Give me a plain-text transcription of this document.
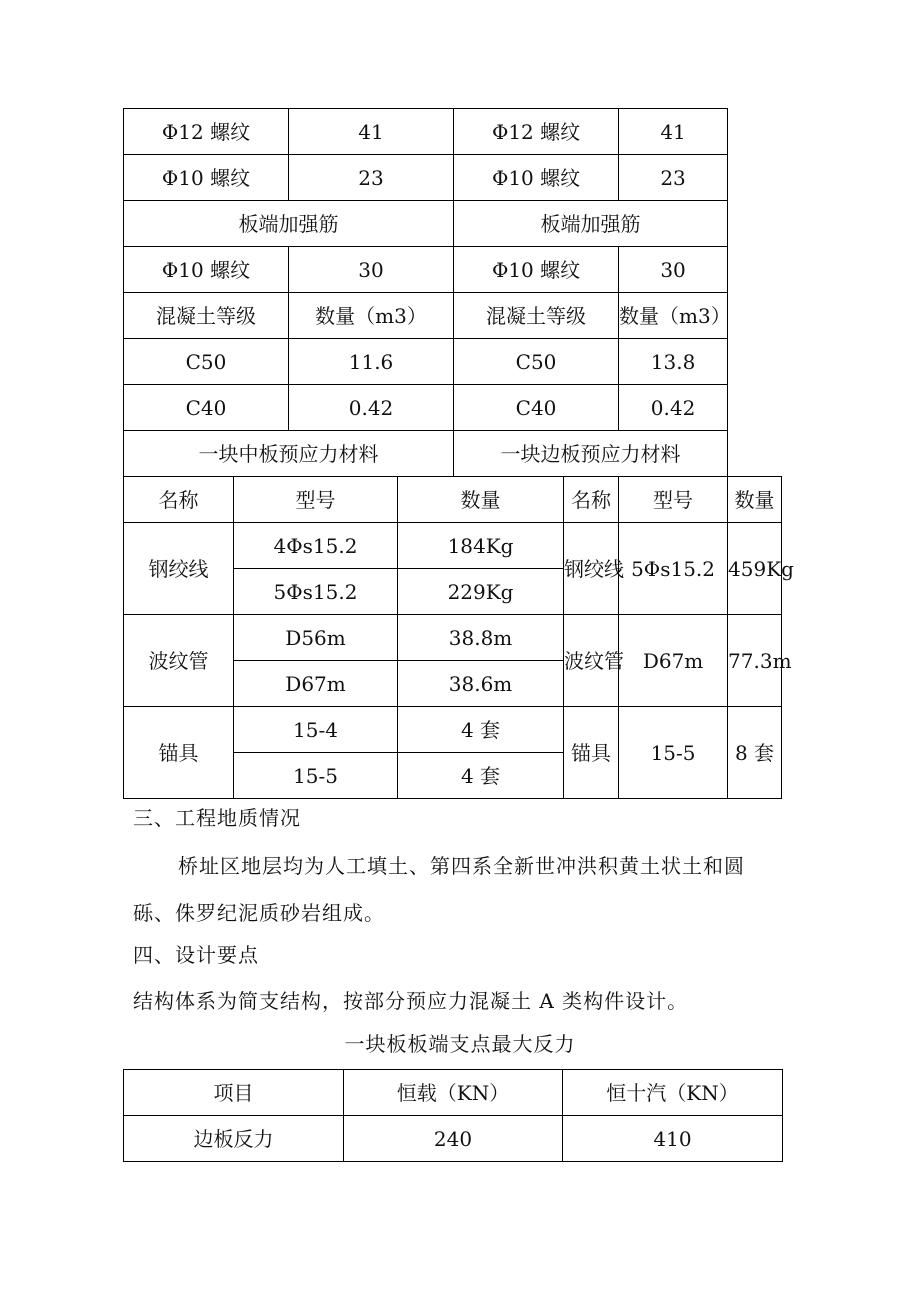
Φ12 螺纹		41		Φ12 螺纹		41	
Φ10 螺纹		23		Φ10 螺纹		23	
板端加强筋				板端加强筋			
Φ10 螺纹		30		Φ10 螺纹		30	
混凝土等级		数量（m3）		混凝土等级		数量（m3）	
C50		11.6		C50		13.8	
C40		0.42		C40		0.42	
一块中板预应力材料				一块边板预应力材料			
名称	型号		数量		名称	型号	数量
钢绞线	4Φs15.2		184Kg		钢绞线	5Φs15.2	459Kg
	5Φs15.2		229Kg				
波纹管	D56m		38.8m		波纹管	D67m	77.3m
	D67m		38.6m				
锚具	15-4		4 套		锚具	15-5	8 套
	15-5		4 套				
三、工程地质情况
桥址区地层均为人工填土、第四系全新世冲洪积黄土状土和圆
砾、侏罗纪泥质砂岩组成。
四、设计要点
结构体系为简支结构，按部分预应力混凝土 A 类构件设计。
一块板板端支点最大反力
项目	恒载（KN）	恒十汽（KN）
边板反力	240	410
